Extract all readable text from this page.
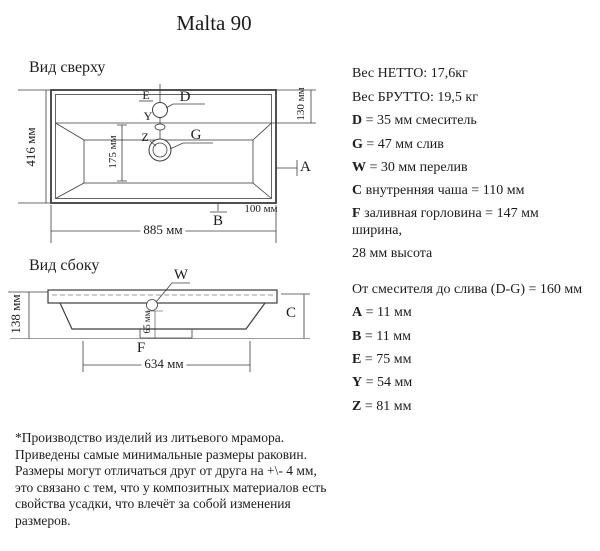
Malta 90
Вид сверху
E D
Y
Z	G
A
B
416 мм	175 мм
130 мм
100 мм
885 мм
Вид сбоку
W
C
F
138 мм	65 мм
634 мм
Вес НЕТТО: 17,6кг
Вес БРУТТО: 19,5 кг
D = 35 мм смеситель
G = 47 мм слив
W = 30 мм перелив
C внутренняя чаша = 110 мм
F заливная горловина = 147 мм
ширина,
28 мм высота
От смесителя до слива (D-G) = 160 мм
A = 11 мм
B = 11 мм
E = 75 мм
Y = 54 мм
Z = 81 мм
*Производство изделий из литьевого мрамора.
Приведены самые минимальные размеры раковин.
Размеры могут отличаться друг от друга на +\- 4 мм,
это связано с тем, что у композитных материалов есть
свойства усадки, что влечёт за собой изменения
размеров.
